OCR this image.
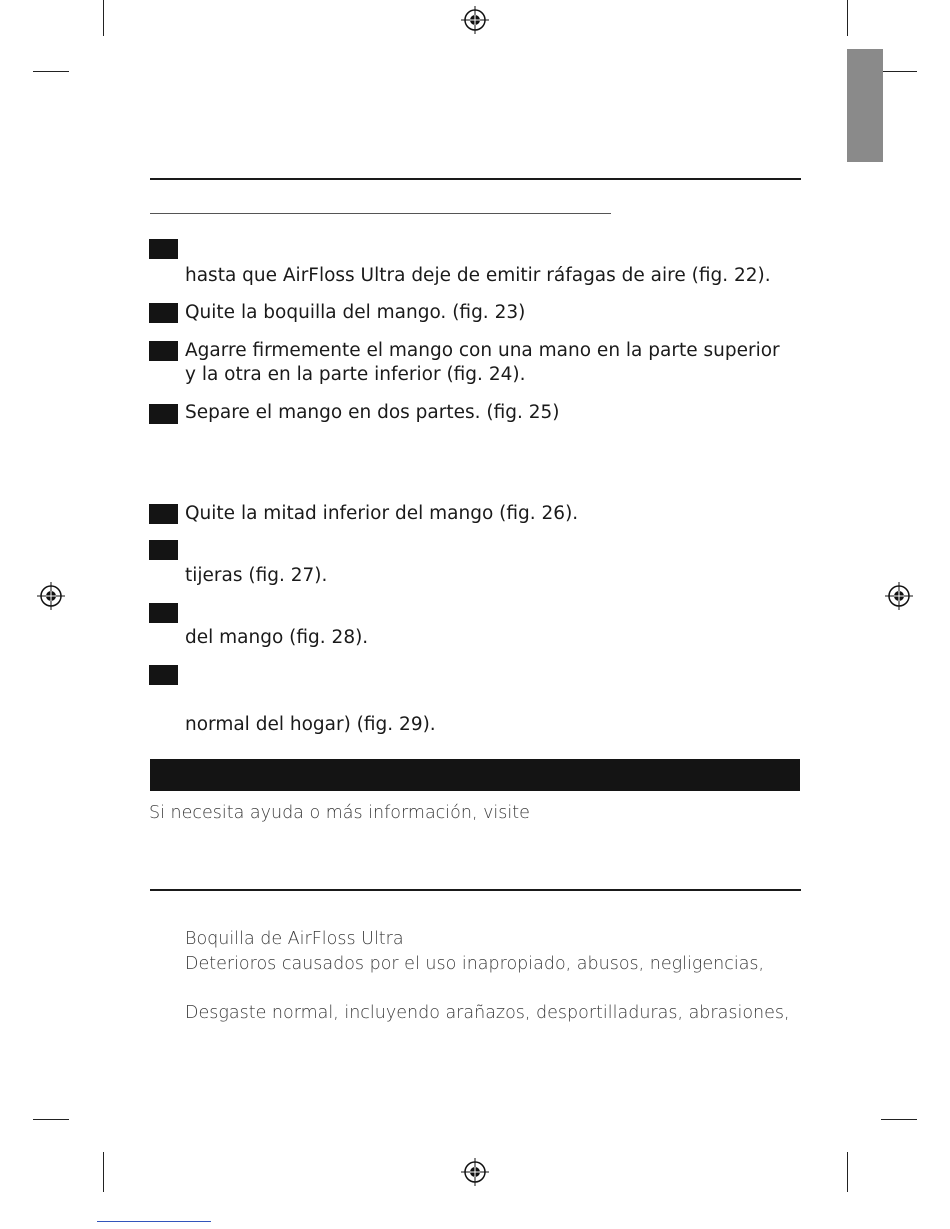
hasta que AirFloss Ultra deje de emitir ráfagas de aire (fig. 22).
Quite la boquilla del mango. (fig. 23)
Agarre firmemente el mango con una mano en la parte superior
y la otra en la parte inferior (fig. 24).
Separe el mango en dos partes. (fig. 25)
Quite la mitad inferior del mango (fig. 26).
tijeras (fig. 27).
del mango (fig. 28).
normal del hogar) (fig. 29).
Si necesita ayuda o más información, visite
Boquilla de AirFloss Ultra
Deterioros causados por el uso inapropiado, abusos, negligencias,
Desgaste normal, incluyendo arañazos, desportilladuras, abrasiones,
